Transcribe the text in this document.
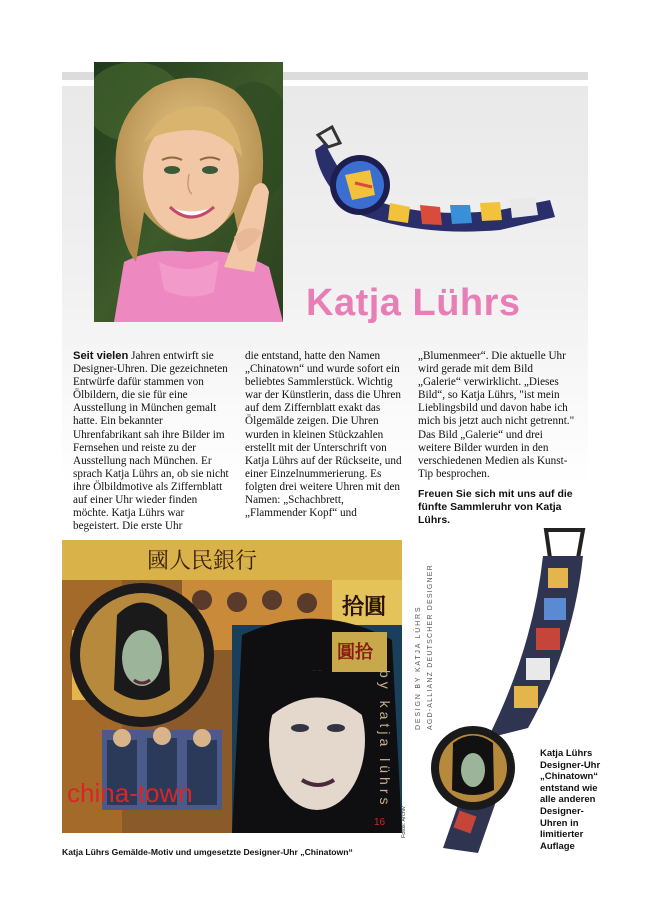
Katja Lührs

Seit vielen Jahren entwirft sie Designer-Uhren. Die gezeichneten Entwürfe dafür stammen von Ölbildern, die sie für eine Ausstellung in München gemalt hatte. Ein bekannter Uhrenfabrikant sah ihre Bilder im Fernsehen und reiste zu der Ausstellung nach München. Er sprach Katja Lührs an, ob sie nicht ihre Ölbildmotive als Ziffernblatt auf einer Uhr wieder finden möchte. Katja Lührs war begeistert. Die erste Uhr

die entstand, hatte den Namen „Chinatown“ und wurde sofort ein beliebtes Sammlerstück. Wichtig war der Künstlerin, dass die Uhren auf dem Ziffernblatt exakt das Ölgemälde zeigen. Die Uhren wurden in kleinen Stückzahlen erstellt mit der Unterschrift von Katja Lührs auf der Rückseite, und einer Einzelnummerierung. Es folgten drei weitere Uhren mit den Namen: „Schachbrett, „Flammender Kopf“ und

„Blumenmeer“. Die aktuelle Uhr wird gerade mit dem Bild „Galerie“ verwirklicht. „Dieses Bild“, so Katja Lührs, "ist mein Lieblingsbild und davon habe ich mich bis jetzt auch nicht getrennt." Das Bild „Galerie“ und drei weitere Bilder wurden in den verschiedenen Medien als Kunst-Tip besprochen.

Freuen Sie sich mit uns auf die fünfte Sammleruhr von Katja Lührs.

國人民銀行
拾圓
圓拾
china-town	by katja lührs
16
DESIGN BY KATJA LÜHRS AGD-ALLIANZ DEUTSCHER DESIGNER
Fotos: Archiv

Katja Lührs Designer-Uhr „Chinatown“ entstand wie alle anderen Designer-Uhren in limitierter Auflage

Katja Lührs Gemälde-Motiv und umgesetzte Designer-Uhr „Chinatown“
